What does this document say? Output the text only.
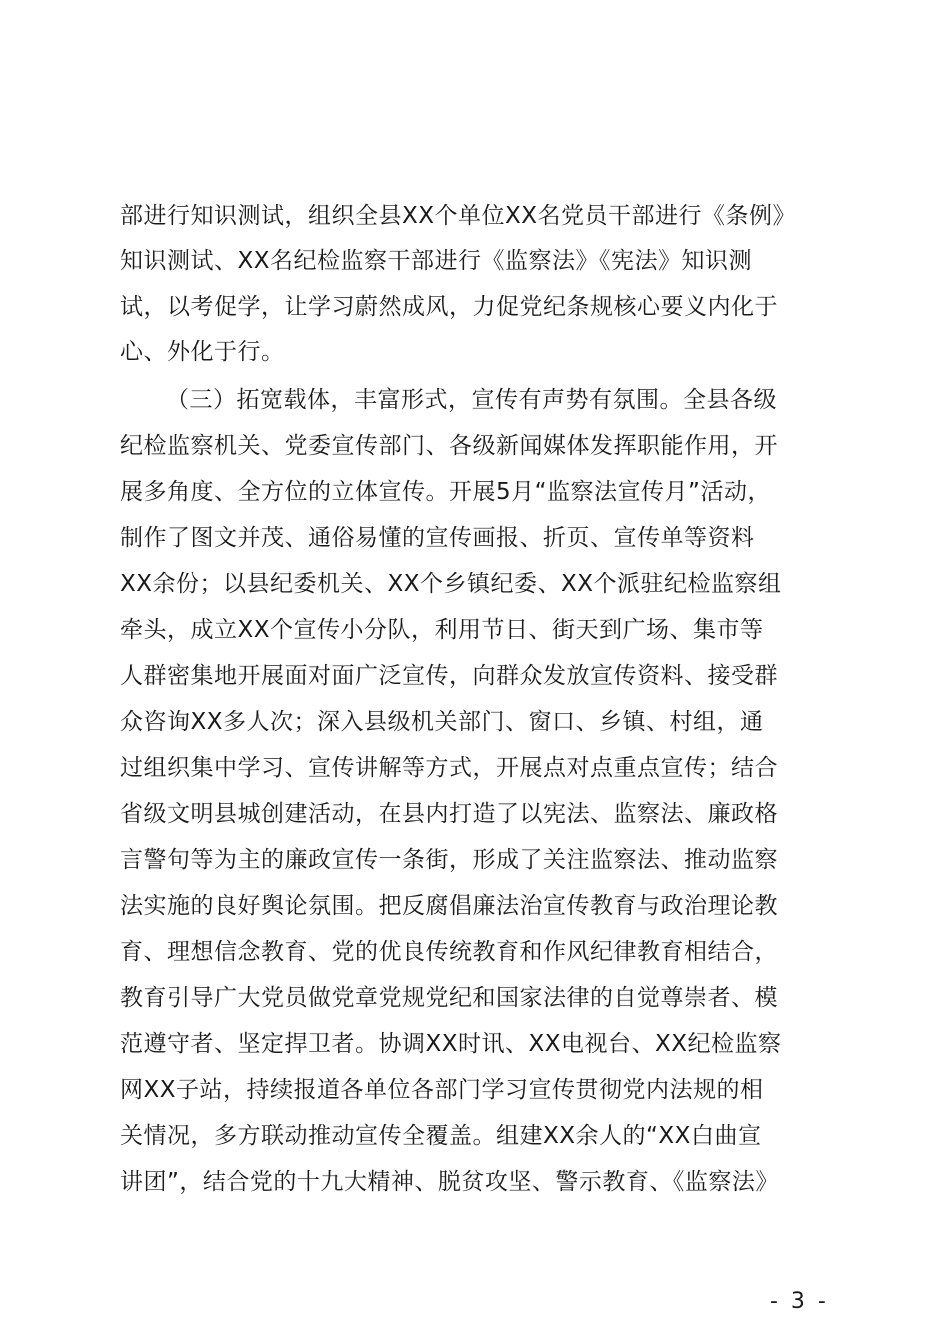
部进行知识测试，组织全县XX个单位XX名党员干部进行《条例》
知识测试、XX名纪检监察干部进行《监察法》《宪法》知识测
试，以考促学，让学习蔚然成风，力促党纪条规核心要义内化于
心、外化于行。
（三）拓宽载体，丰富形式，宣传有声势有氛围。全县各级
纪检监察机关、党委宣传部门、各级新闻媒体发挥职能作用，开
展多角度、全方位的立体宣传。开展5月“监察法宣传月”活动，
制作了图文并茂、通俗易懂的宣传画报、折页、宣传单等资料
XX余份；以县纪委机关、XX个乡镇纪委、XX个派驻纪检监察组
牵头，成立XX个宣传小分队，利用节日、街天到广场、集市等
人群密集地开展面对面广泛宣传，向群众发放宣传资料、接受群
众咨询XX多人次；深入县级机关部门、窗口、乡镇、村组，通
过组织集中学习、宣传讲解等方式，开展点对点重点宣传；结合
省级文明县城创建活动，在县内打造了以宪法、监察法、廉政格
言警句等为主的廉政宣传一条街，形成了关注监察法、推动监察
法实施的良好舆论氛围。把反腐倡廉法治宣传教育与政治理论教
育、理想信念教育、党的优良传统教育和作风纪律教育相结合，
教育引导广大党员做党章党规党纪和国家法律的自觉尊崇者、模
范遵守者、坚定捍卫者。协调XX时讯、XX电视台、XX纪检监察
网XX子站，持续报道各单位各部门学习宣传贯彻党内法规的相
关情况，多方联动推动宣传全覆盖。组建XX余人的“XX白曲宣
讲团”，结合党的十九大精神、脱贫攻坚、警示教育、《监察法》
- 3 -
